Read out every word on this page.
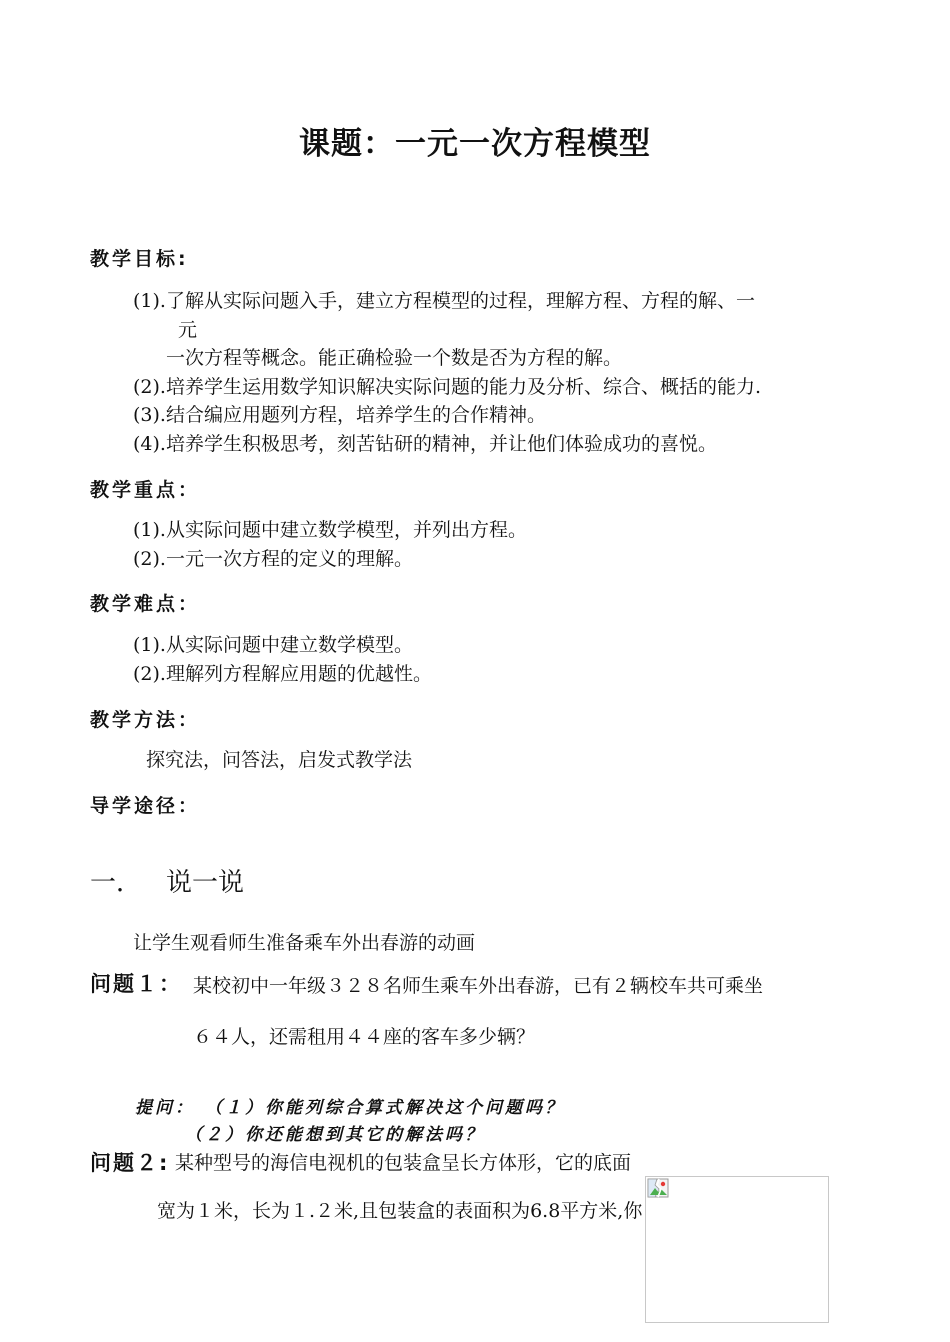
课题：一元一次方程模型
教学目标:
(1).了解从实际问题入手，建立方程模型的过程，理解方程、方程的解、一
元
一次方程等概念。能正确检验一个数是否为方程的解。
(2).培养学生运用数学知识解决实际问题的能力及分析、综合、概括的能力.
(3).结合编应用题列方程，培养学生的合作精神。
(4).培养学生积极思考，刻苦钻研的精神，并让他们体验成功的喜悦。
教学重点：
(1).从实际问题中建立数学模型，并列出方程。
(2).一元一次方程的定义的理解。
教学难点：
(1).从实际问题中建立数学模型。
(2).理解列方程解应用题的优越性。
教学方法：
探究法，问答法，启发式教学法
导学途径：
一． 说一说
让学生观看师生准备乘车外出春游的动画
问题１： 某校初中一年级３２８名师生乘车外出春游，已有２辆校车共可乘坐
６４人，还需租用４４座的客车多少辆？
提问： （１）你能列综合算式解决这个问题吗？
（２）你还能想到其它的解法吗？
问题２: 某种型号的海信电视机的包装盒呈长方体形，它的底面
宽为１米，长为１.２米,且包装盒的表面积为6.8平方米,你
